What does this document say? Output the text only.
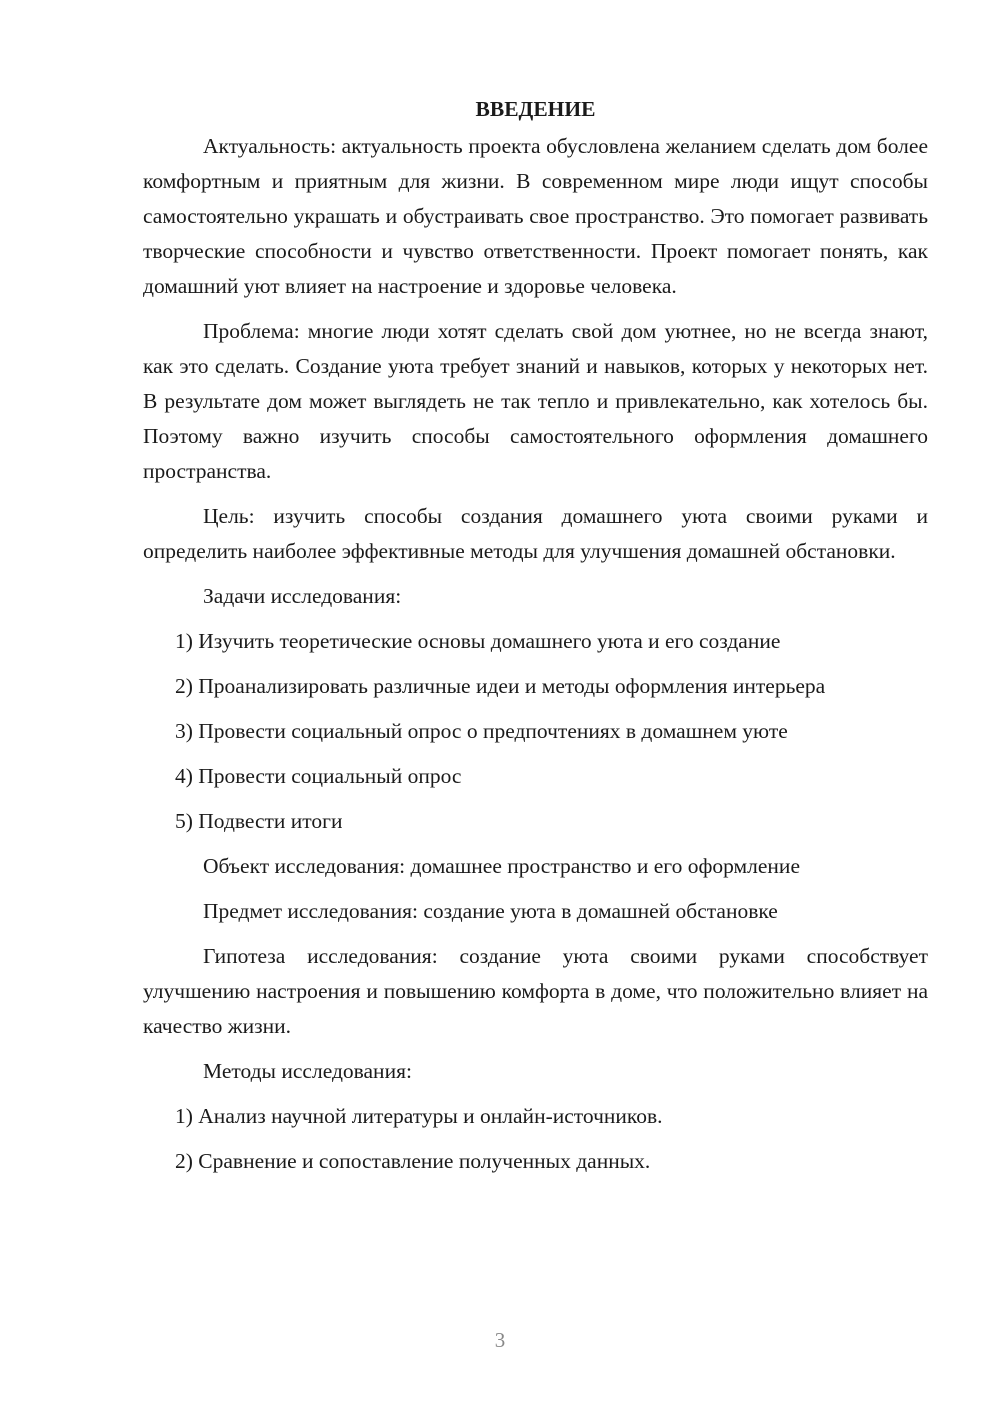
ВВЕДЕНИЕ

Актуальность: актуальность проекта обусловлена желанием сделать дом более комфортным и приятным для жизни. В современном мире люди ищут способы самостоятельно украшать и обустраивать свое пространство. Это помогает развивать творческие способности и чувство ответственности. Проект помогает понять, как домашний уют влияет на настроение и здоровье человека.

Проблема: многие люди хотят сделать свой дом уютнее, но не всегда знают, как это сделать. Создание уюта требует знаний и навыков, которых у некоторых нет. В результате дом может выглядеть не так тепло и привлекательно, как хотелось бы. Поэтому важно изучить способы самостоятельного оформления домашнего пространства.

Цель: изучить способы создания домашнего уюта своими руками и определить наиболее эффективные методы для улучшения домашней обстановки.

Задачи исследования:

1) Изучить теоретические основы домашнего уюта и его создание

2) Проанализировать различные идеи и методы оформления интерьера

3) Провести социальный опрос о предпочтениях в домашнем уюте

4) Провести социальный опрос

5) Подвести итоги

Объект исследования: домашнее пространство и его оформление

Предмет исследования: создание уюта в домашней обстановке

Гипотеза исследования: создание уюта своими руками способствует улучшению настроения и повышению комфорта в доме, что положительно влияет на качество жизни.

Методы исследования:

1) Анализ научной литературы и онлайн-источников.

2) Сравнение и сопоставление полученных данных.

3
